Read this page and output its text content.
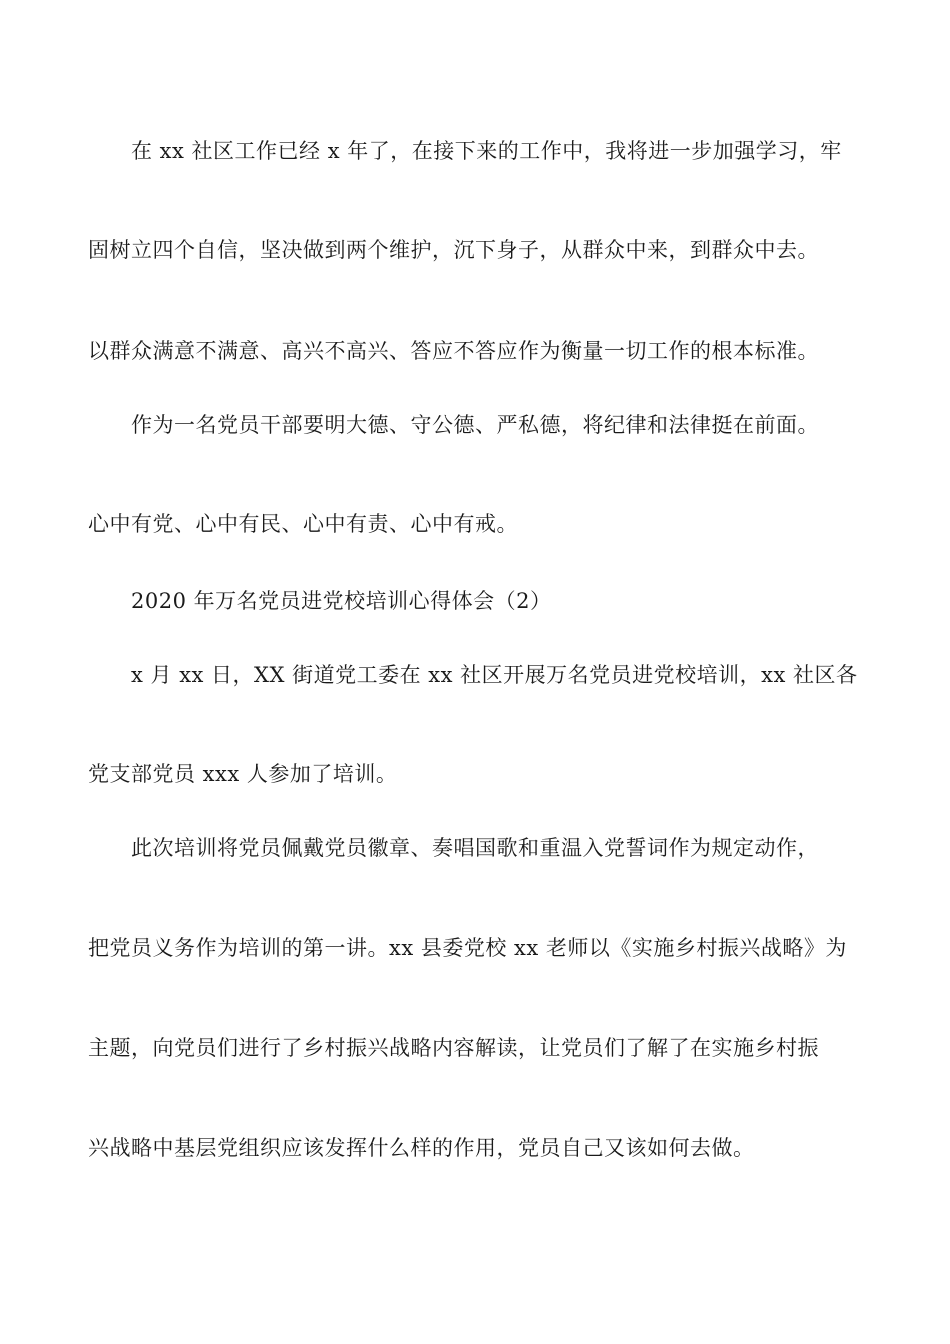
在 xx 社区工作已经 x 年了，在接下来的工作中，我将进一步加强学习，牢
固树立四个自信，坚决做到两个维护，沉下身子，从群众中来，到群众中去。
以群众满意不满意、高兴不高兴、答应不答应作为衡量一切工作的根本标准。
作为一名党员干部要明大德、守公德、严私德，将纪律和法律挺在前面。
心中有党、心中有民、心中有责、心中有戒。
2020 年万名党员进党校培训心得体会（2）
x 月 xx 日，XX 街道党工委在 xx 社区开展万名党员进党校培训，xx 社区各
党支部党员 xxx 人参加了培训。
此次培训将党员佩戴党员徽章、奏唱国歌和重温入党誓词作为规定动作，
把党员义务作为培训的第一讲。xx 县委党校 xx 老师以《实施乡村振兴战略》为
主题，向党员们进行了乡村振兴战略内容解读，让党员们了解了在实施乡村振
兴战略中基层党组织应该发挥什么样的作用，党员自己又该如何去做。
